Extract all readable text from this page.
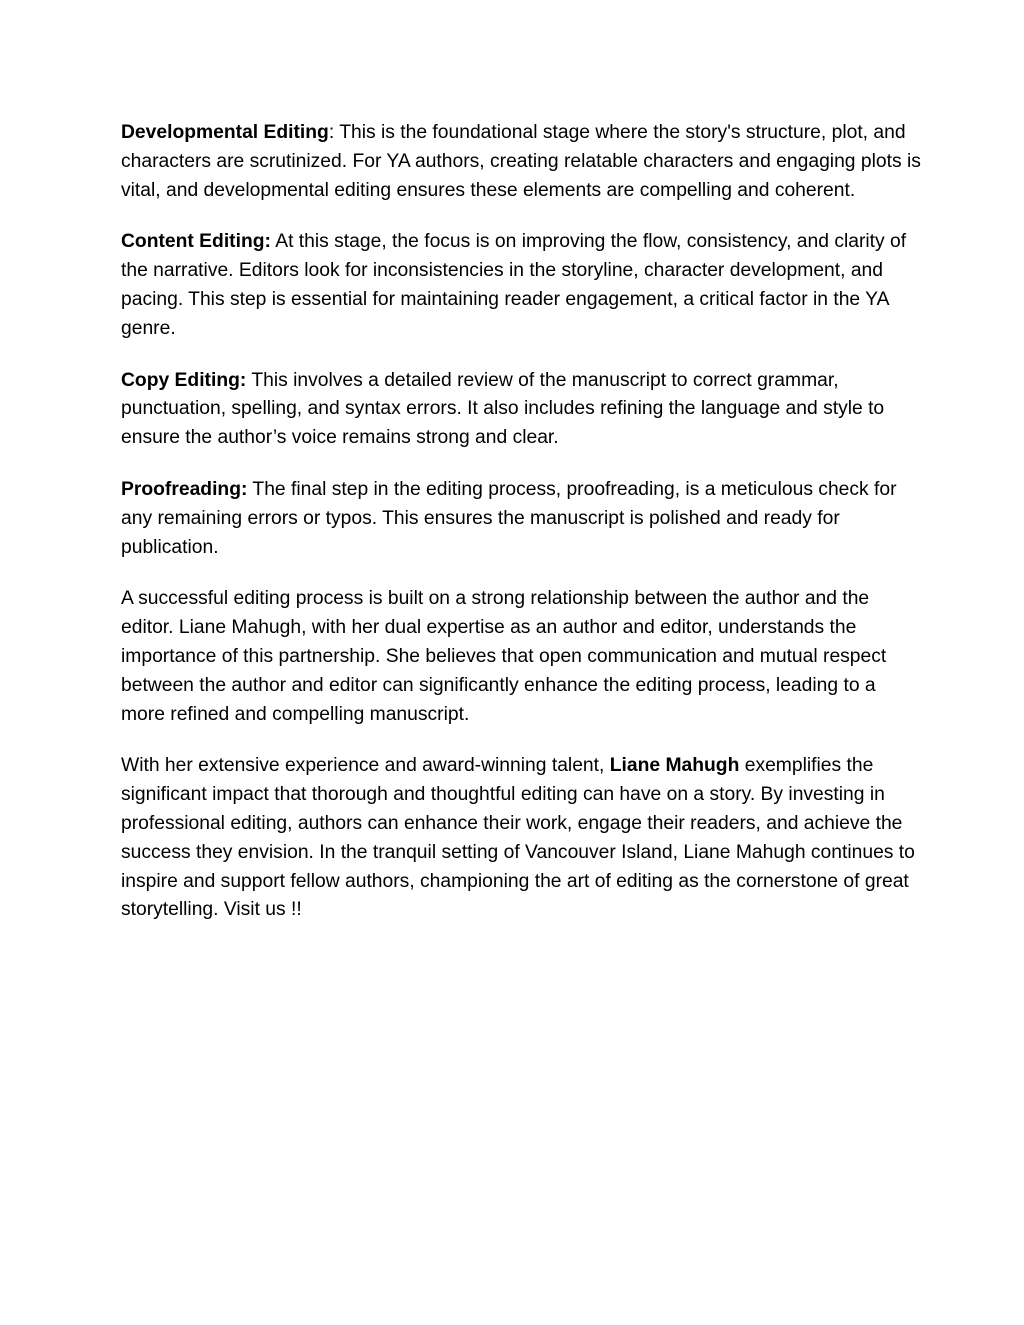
Developmental Editing: This is the foundational stage where the story's structure, plot, and characters are scrutinized. For YA authors, creating relatable characters and engaging plots is vital, and developmental editing ensures these elements are compelling and coherent.

Content Editing: At this stage, the focus is on improving the flow, consistency, and clarity of the narrative. Editors look for inconsistencies in the storyline, character development, and pacing. This step is essential for maintaining reader engagement, a critical factor in the YA genre.

Copy Editing: This involves a detailed review of the manuscript to correct grammar, punctuation, spelling, and syntax errors. It also includes refining the language and style to ensure the author’s voice remains strong and clear.

Proofreading: The final step in the editing process, proofreading, is a meticulous check for any remaining errors or typos. This ensures the manuscript is polished and ready for publication.

A successful editing process is built on a strong relationship between the author and the editor. Liane Mahugh, with her dual expertise as an author and editor, understands the importance of this partnership. She believes that open communication and mutual respect between the author and editor can significantly enhance the editing process, leading to a more refined and compelling manuscript.

With her extensive experience and award-winning talent, Liane Mahugh exemplifies the significant impact that thorough and thoughtful editing can have on a story. By investing in professional editing, authors can enhance their work, engage their readers, and achieve the success they envision. In the tranquil setting of Vancouver Island, Liane Mahugh continues to inspire and support fellow authors, championing the art of editing as the cornerstone of great storytelling. Visit us !!
